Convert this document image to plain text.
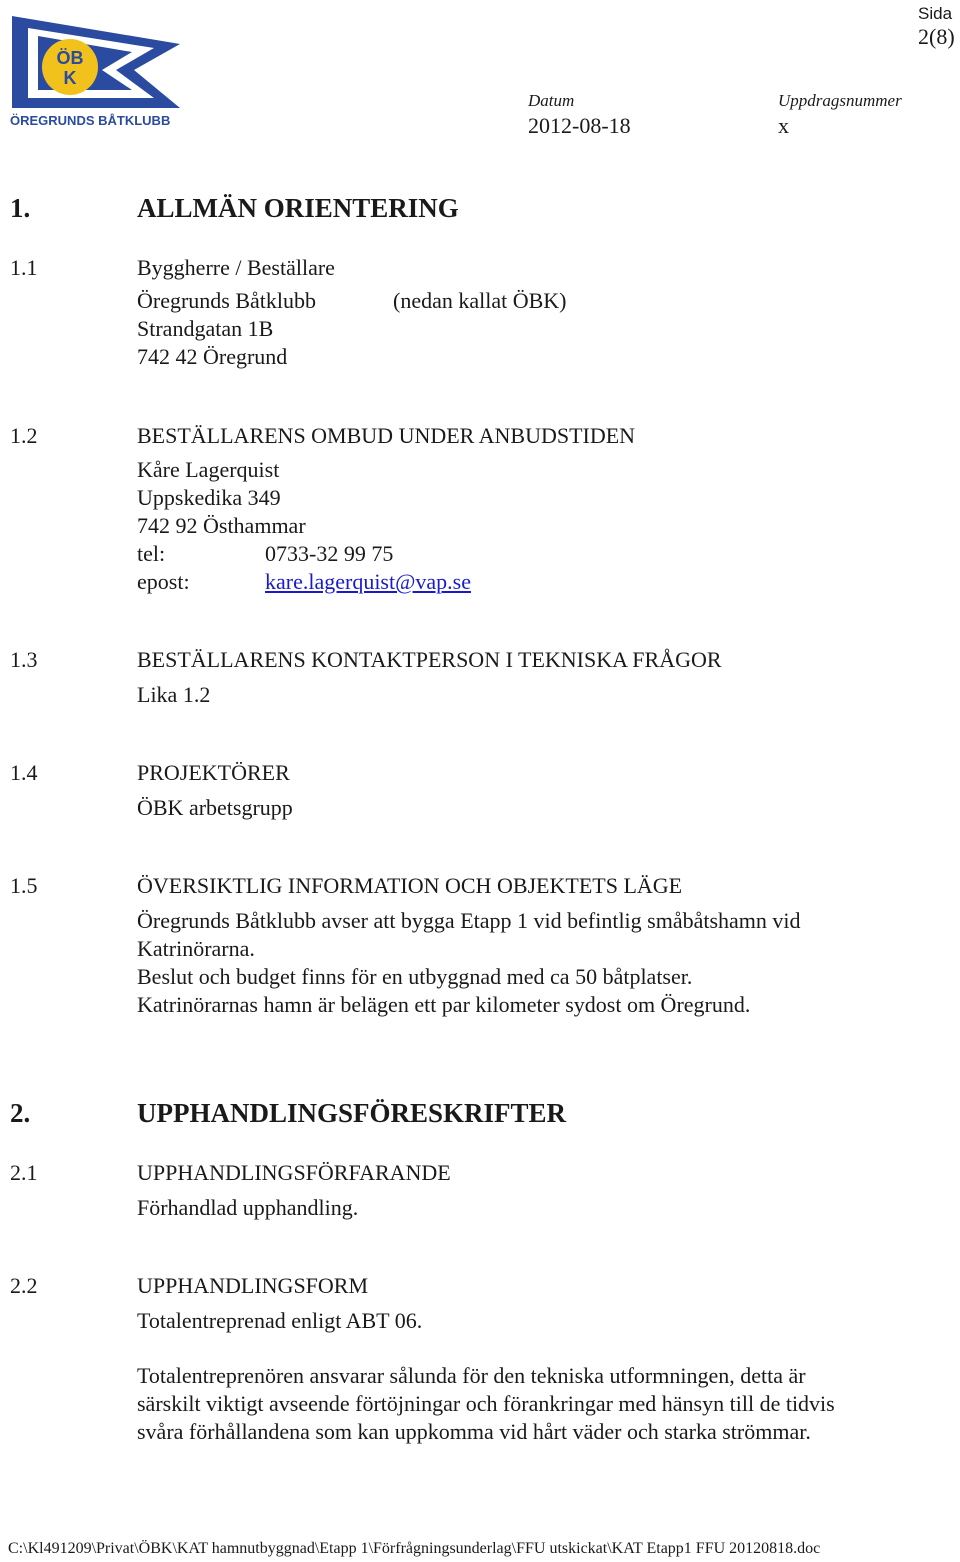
ÖB
K
ÖREGRUNDS BÅTKLUBB
Sida
2(8)
Datum
2012-08-18
Uppdragsnummer
x
1.	ALLMÄN ORIENTERING
1.1	Byggherre / Beställare
Öregrunds Båtklubb	(nedan kallat ÖBK)
Strandgatan 1B
742 42 Öregrund
1.2	BESTÄLLARENS OMBUD UNDER ANBUDSTIDEN
Kåre Lagerquist
Uppskedika 349
742 92 Östhammar
tel:	0733-32 99 75
epost:	kare.lagerquist@vap.se
1.3	BESTÄLLARENS KONTAKTPERSON I TEKNISKA FRÅGOR
Lika 1.2
1.4	PROJEKTÖRER
ÖBK arbetsgrupp
1.5	ÖVERSIKTLIG INFORMATION OCH OBJEKTETS LÄGE
Öregrunds Båtklubb avser att bygga Etapp 1 vid befintlig småbåtshamn vid
Katrinörarna.
Beslut och budget finns för en utbyggnad med ca 50 båtplatser.
Katrinörarnas hamn är belägen ett par kilometer sydost om Öregrund.
2.	UPPHANDLINGSFÖRESKRIFTER
2.1	UPPHANDLINGSFÖRFARANDE
Förhandlad upphandling.
2.2	UPPHANDLINGSFORM
Totalentreprenad enligt ABT 06.
Totalentreprenören ansvarar sålunda för den tekniska utformningen, detta är
särskilt viktigt avseende förtöjningar och förankringar med hänsyn till de tidvis
svåra förhållandena som kan uppkomma vid hårt väder och starka strömmar.
C:\Kl491209\Privat\ÖBK\KAT hamnutbyggnad\Etapp 1\Förfrågningsunderlag\FFU utskickat\KAT Etapp1 FFU 20120818.doc
